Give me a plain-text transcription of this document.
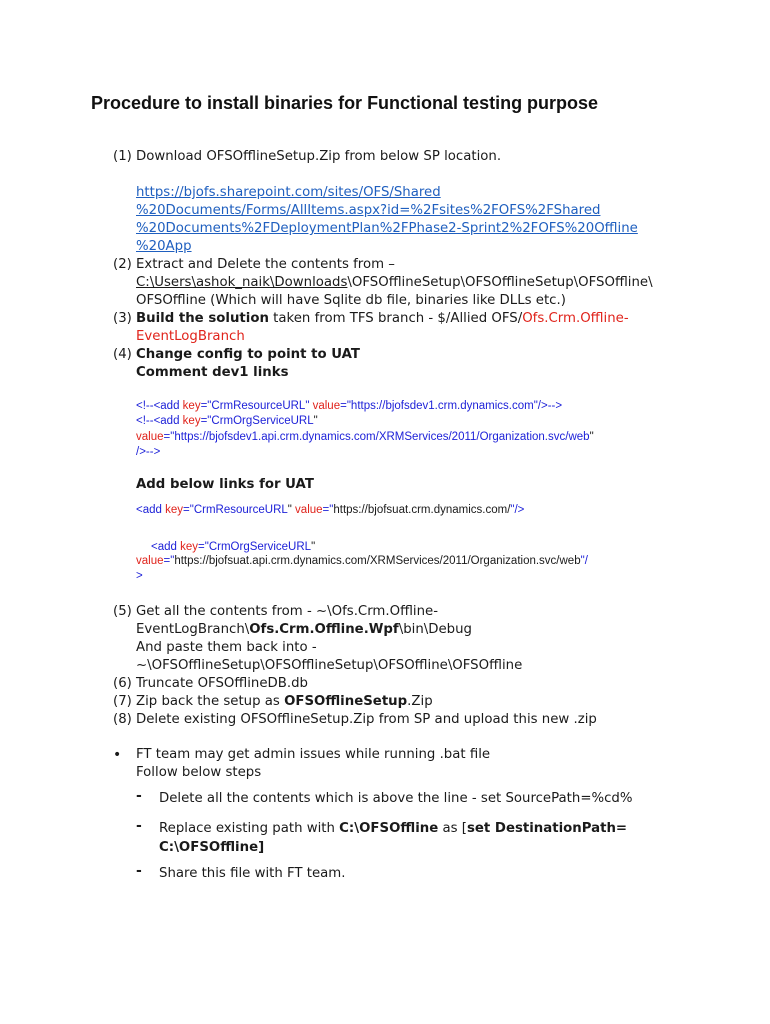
Procedure to install binaries for Functional testing purpose
(1) Download OFSOfflineSetup.Zip from below SP location.
https://bjofs.sharepoint.com/sites/OFS/Shared
%20Documents/Forms/AllItems.aspx?id=%2Fsites%2FOFS%2FShared
%20Documents%2FDeploymentPlan%2FPhase2-Sprint2%2FOFS%20Offline
%20App
(2) Extract and Delete the contents from –
C:\Users\ashok_naik\Downloads\OFSOfflineSetup\OFSOfflineSetup\OFSOffline\
OFSOffline (Which will have Sqlite db file, binaries like DLLs etc.)
(3) Build the solution taken from TFS branch - $/Allied OFS/Ofs.Crm.Offline-
EventLogBranch
(4) Change config to point to UAT
Comment dev1 links
<!--<add key="CrmResourceURL" value="https://bjofsdev1.crm.dynamics.com"/>-->
<!--<add key="CrmOrgServiceURL"
value="https://bjofsdev1.api.crm.dynamics.com/XRMServices/2011/Organization.svc/web"
/>-->
Add below links for UAT
<add key="CrmResourceURL" value="https://bjofsuat.crm.dynamics.com/"/>
<add key="CrmOrgServiceURL"
value="https://bjofsuat.api.crm.dynamics.com/XRMServices/2011/Organization.svc/web"/
>
(5) Get all the contents from - ~\Ofs.Crm.Offline-
EventLogBranch\Ofs.Crm.Offline.Wpf\bin\Debug
And paste them back into -
~\OFSOfflineSetup\OFSOfflineSetup\OFSOffline\OFSOffline
(6) Truncate OFSOfflineDB.db
(7) Zip back the setup as OFSOfflineSetup.Zip
(8) Delete existing OFSOfflineSetup.Zip from SP and upload this new .zip
• FT team may get admin issues while running .bat file
Follow below steps
- Delete all the contents which is above the line - set SourcePath=%cd%
- Replace existing path with C:\OFSOffline as [set DestinationPath=
C:\OFSOffline]
- Share this file with FT team.
